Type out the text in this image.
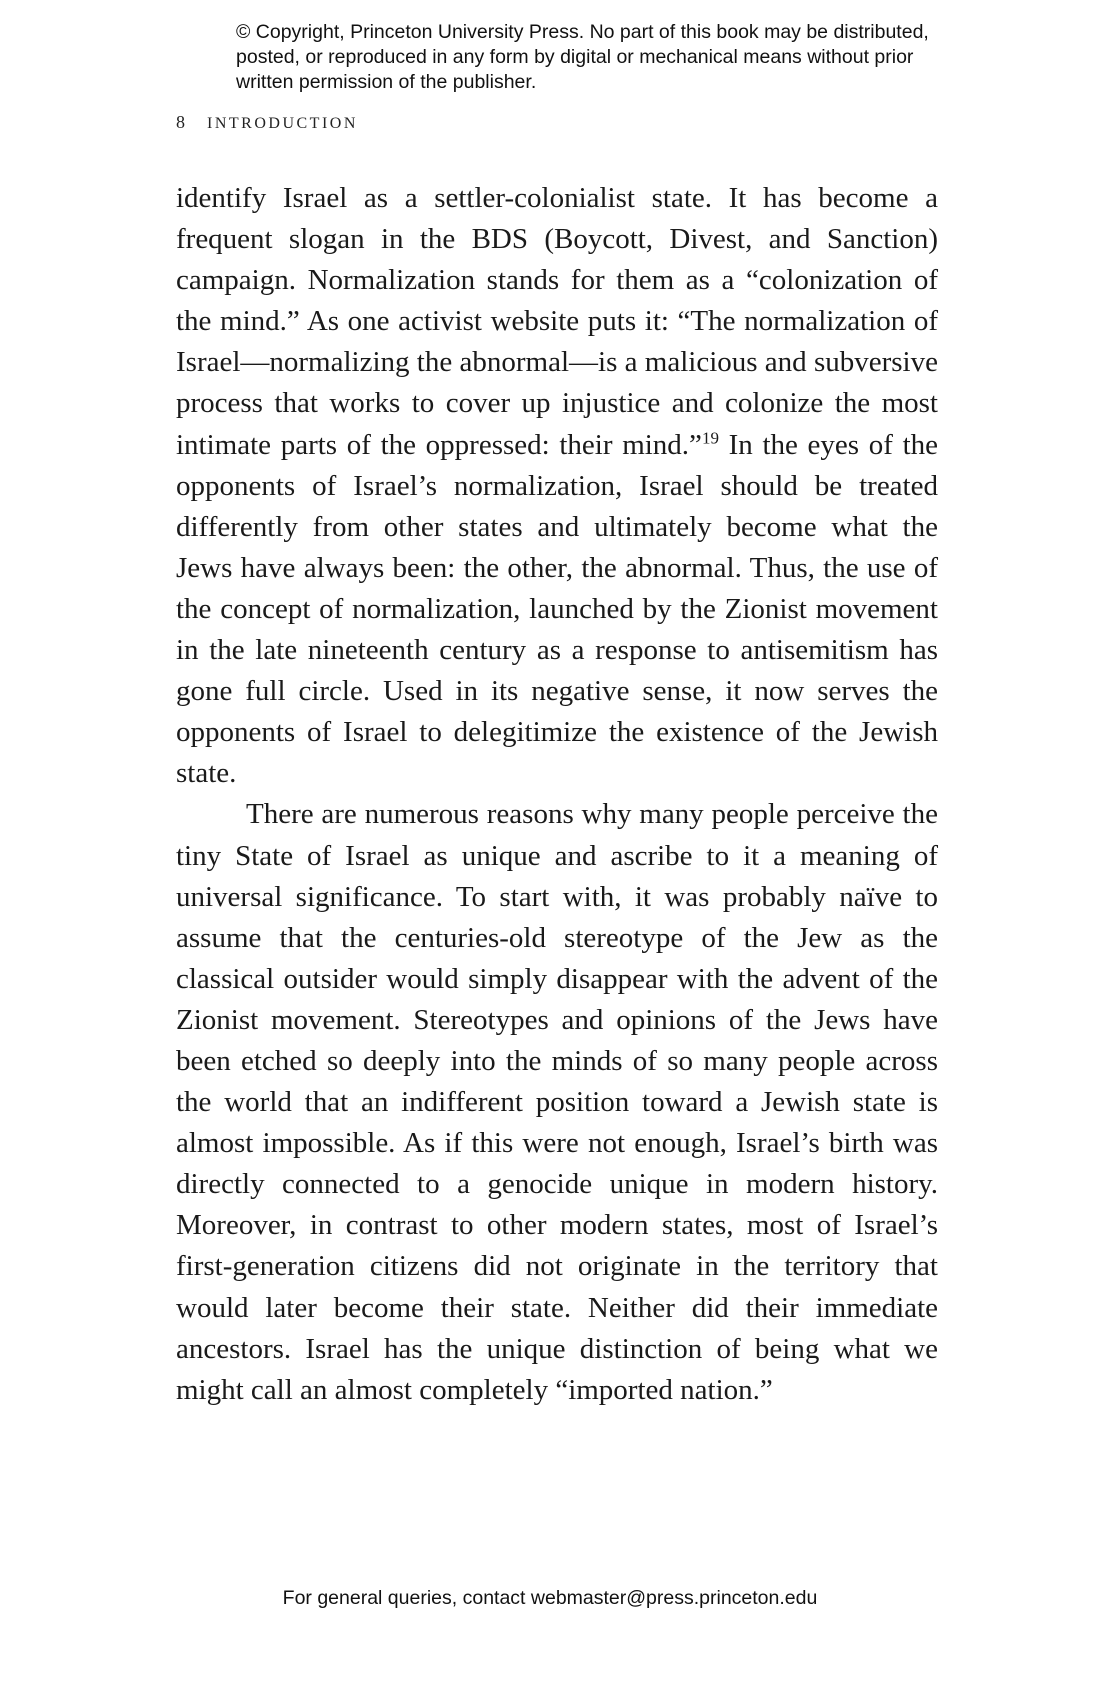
© Copyright, Princeton University Press. No part of this book may be distributed, posted, or reproduced in any form by digital or mechanical means without prior written permission of the publisher.
8 INTRODUCTION

identify Israel as a settler-colonialist state. It has become a frequent slogan in the BDS (Boycott, Divest, and Sanction) campaign. Normalization stands for them as a “colonization of the mind.” As one activist website puts it: “The normalization of Israel—normalizing the abnormal—is a malicious and subversive process that works to cover up injustice and colonize the most intimate parts of the oppressed: their mind.”$^{19}$ In the eyes of the opponents of Israel’s normalization, Israel should be treated differently from other states and ultimately become what the Jews have always been: the other, the abnormal. Thus, the use of the concept of normalization, launched by the Zionist movement in the late nineteenth century as a response to antisemitism has gone full circle. Used in its negative sense, it now serves the opponents of Israel to delegitimize the existence of the Jewish state.

There are numerous reasons why many people perceive the tiny State of Israel as unique and ascribe to it a meaning of universal significance. To start with, it was probably naïve to assume that the centuries-old stereotype of the Jew as the classical outsider would simply disappear with the advent of the Zionist movement. Stereotypes and opinions of the Jews have been etched so deeply into the minds of so many people across the world that an indifferent position toward a Jewish state is almost impossible. As if this were not enough, Israel’s birth was directly connected to a genocide unique in modern history. Moreover, in contrast to other modern states, most of Israel’s first-generation citizens did not originate in the territory that would later become their state. Neither did their immediate ancestors. Israel has the unique distinction of being what we might call an almost completely “imported nation.”

For general queries, contact webmaster@press.princeton.edu
